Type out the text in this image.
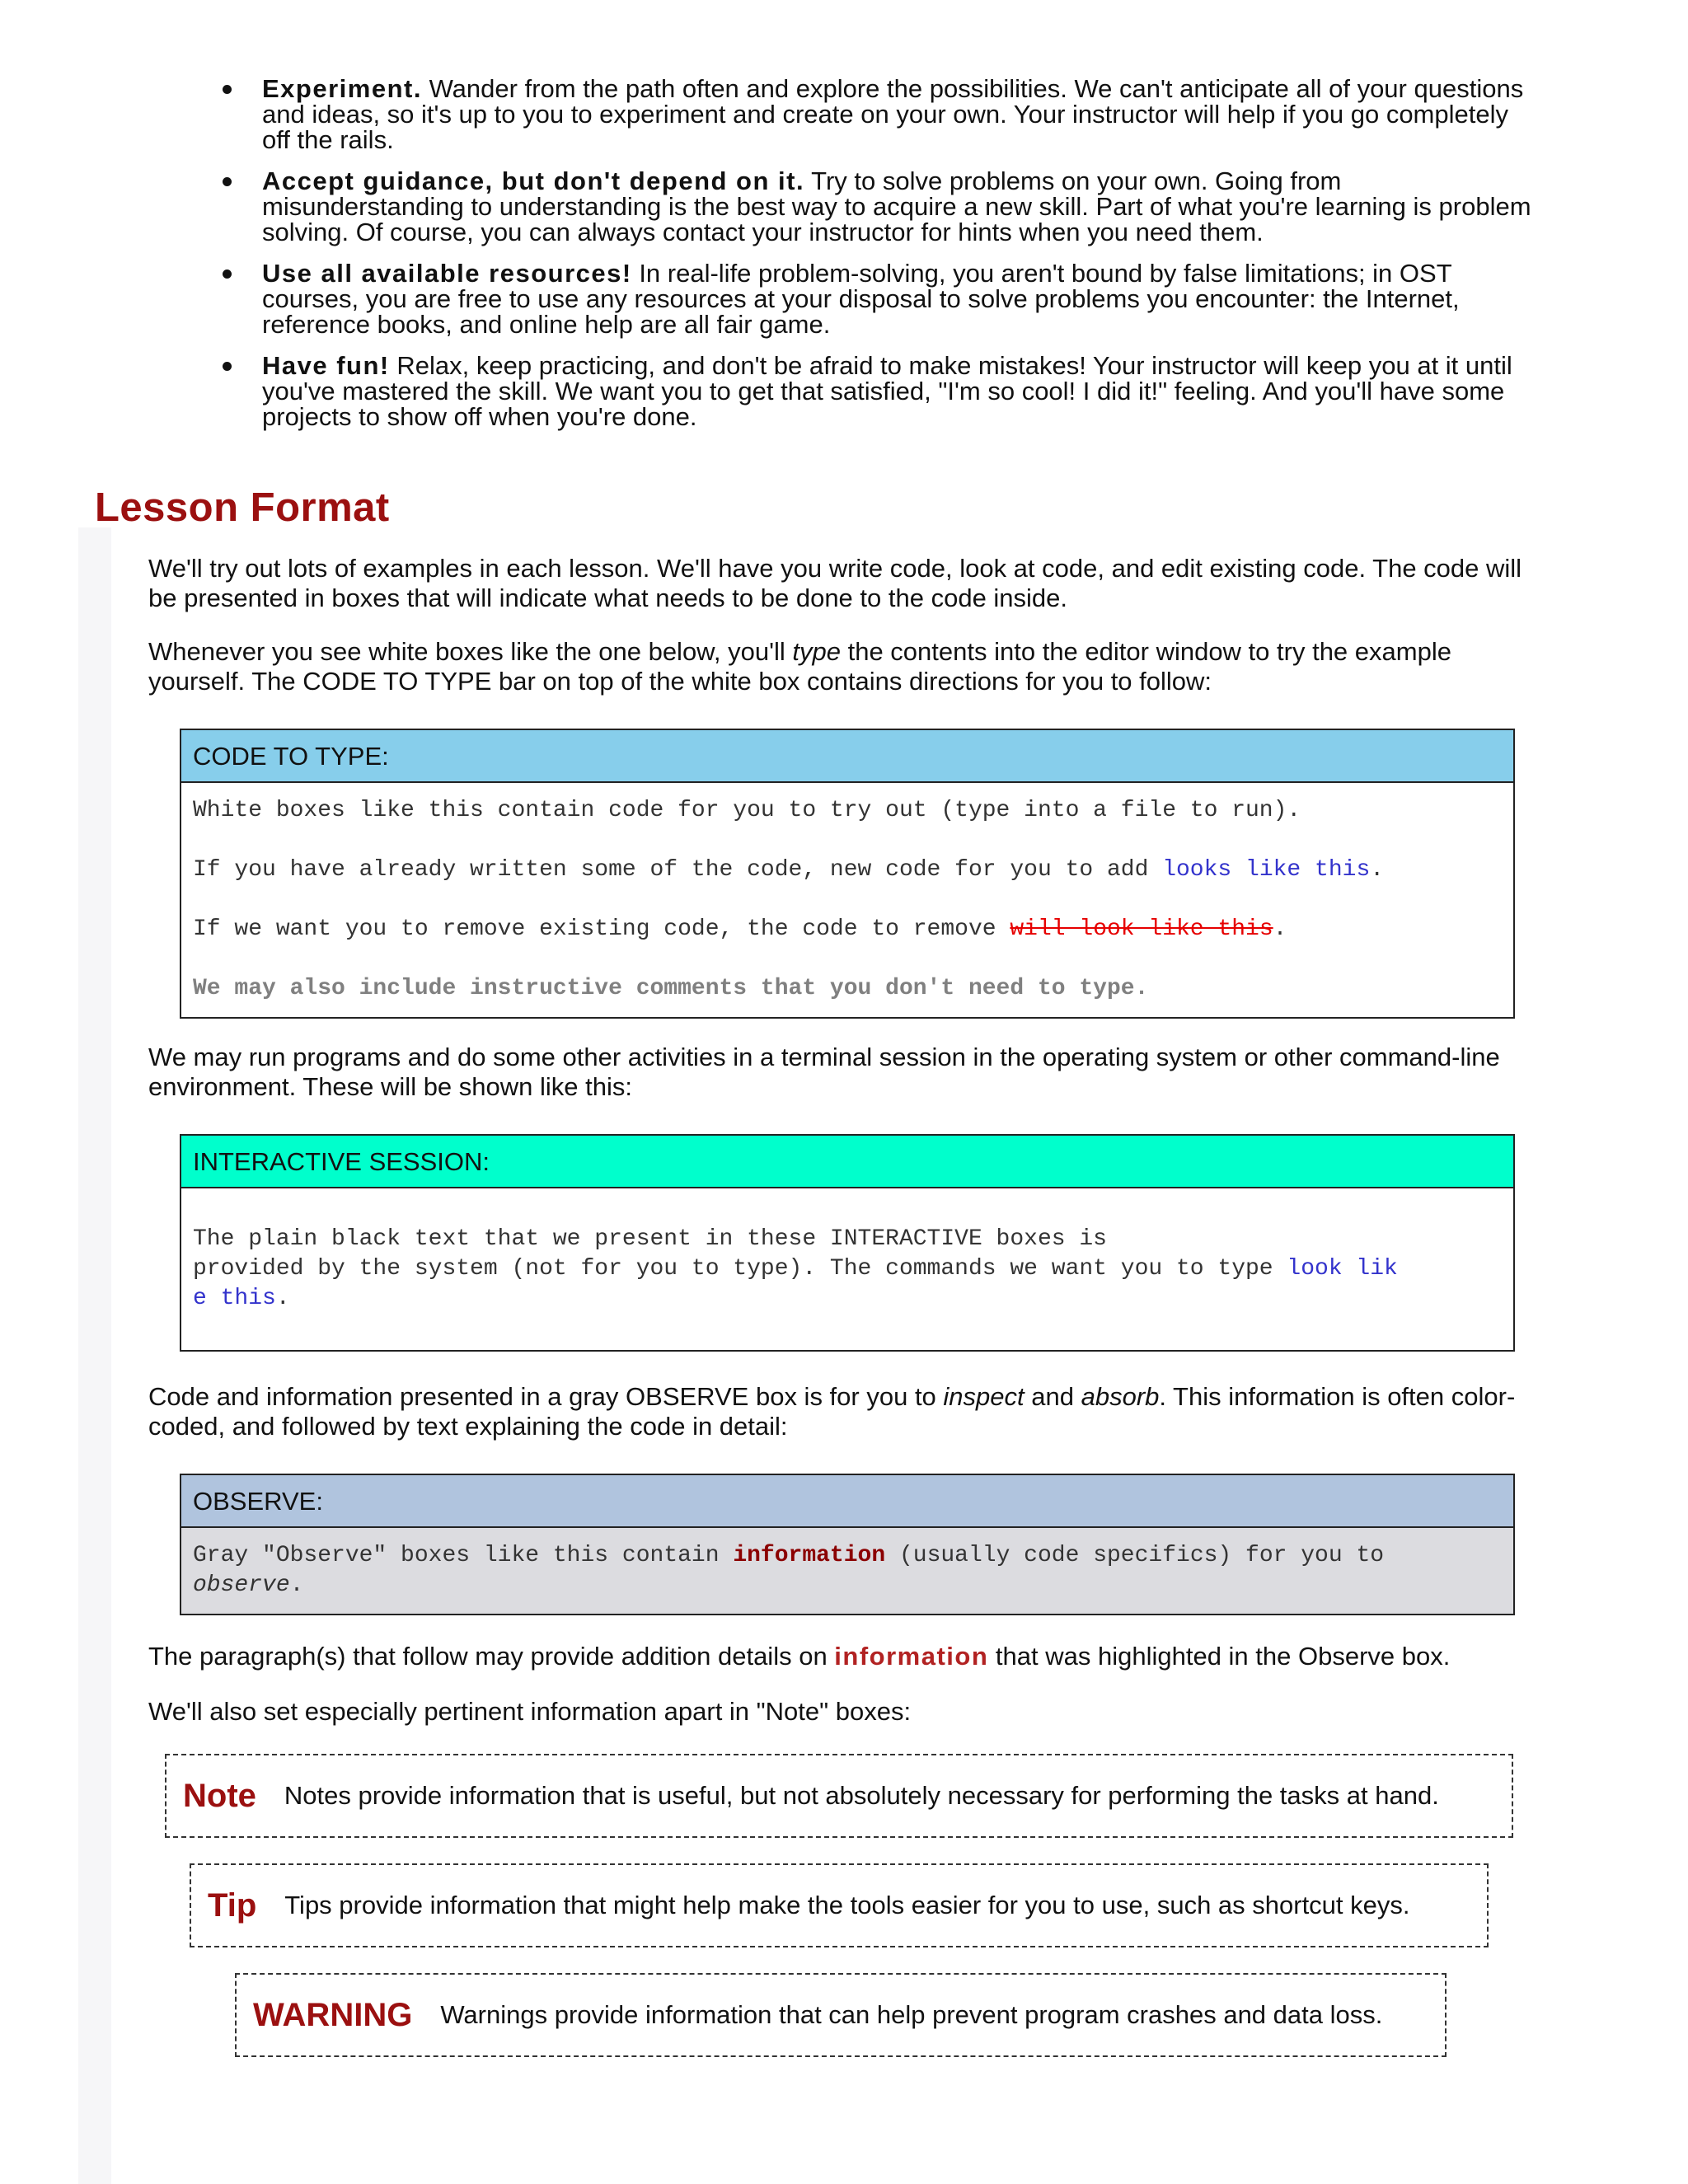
Experiment. Wander from the path often and explore the possibilities. We can't anticipate all of your questions and ideas, so it's up to you to experiment and create on your own. Your instructor will help if you go completely off the rails.
Accept guidance, but don't depend on it. Try to solve problems on your own. Going from misunderstanding to understanding is the best way to acquire a new skill. Part of what you're learning is problem solving. Of course, you can always contact your instructor for hints when you need them.
Use all available resources! In real-life problem-solving, you aren't bound by false limitations; in OST courses, you are free to use any resources at your disposal to solve problems you encounter: the Internet, reference books, and online help are all fair game.
Have fun! Relax, keep practicing, and don't be afraid to make mistakes! Your instructor will keep you at it until you've mastered the skill. We want you to get that satisfied, "I'm so cool! I did it!" feeling. And you'll have some projects to show off when you're done.
Lesson Format

We'll try out lots of examples in each lesson. We'll have you write code, look at code, and edit existing code. The code will be presented in boxes that will indicate what needs to be done to the code inside.

Whenever you see white boxes like the one below, you'll type the contents into the editor window to try the example yourself. The CODE TO TYPE bar on top of the white box contains directions for you to follow:

CODE TO TYPE:

White boxes like this contain code for you to try out (type into a file to run).

If you have already written some of the code, new code for you to add looks like this.

If we want you to remove existing code, the code to remove will look like this.

We may also include instructive comments that you don't need to type.

We may run programs and do some other activities in a terminal session in the operating system or other command-line environment. These will be shown like this:

INTERACTIVE SESSION:

The plain black text that we present in these INTERACTIVE boxes is

provided by the system (not for you to type). The commands we want you to type look lik

e this.

Code and information presented in a gray OBSERVE box is for you to inspect and absorb. This information is often color-coded, and followed by text explaining the code in detail:

OBSERVE:

Gray "Observe" boxes like this contain information (usually code specifics) for you to

observe.

The paragraph(s) that follow may provide addition details on information that was highlighted in the Observe box.

We'll also set especially pertinent information apart in "Note" boxes:

Note Notes provide information that is useful, but not absolutely necessary for performing the tasks at hand.
Tip Tips provide information that might help make the tools easier for you to use, such as shortcut keys.
WARNING Warnings provide information that can help prevent program crashes and data loss.
